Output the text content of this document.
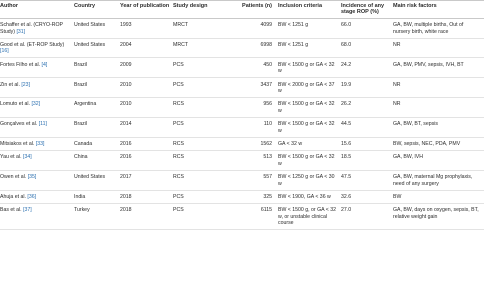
Author	Country	Year of publication	Study design	Patients (n)	Inclusion criteria	Incidence of any stage ROP (%)	Main risk factors
Schaffer et al. (CRYO-ROP Study) [31]	United States	1993	MRCT	4099	BW < 1251 g	66.0	GA, BW, multiple births, Out of nursery birth, white race
Good et al. (ET-ROP Study) [16]	United States	2004	MRCT	6998	BW < 1251 g	68.0	NR
Fortes Filho et al. [4]	Brazil	2009	PCS	450	BW < 1500 g or GA < 32 w	24.2	GA, BW, PMV, sepsis, IVH, BT
Zin et al. [23]	Brazil	2010	PCS	3437	BW < 2000 g or GA < 37 w	19.9	NR
Lomuto et al. [32]	Argentina	2010	RCS	956	BW < 1500 g or GA < 32 w	26.2	NR
Gonçalves et al. [11]	Brazil	2014	PCS	110	BW < 1500 g or GA < 32 w	44.5	GA, BW, BT, sepsis
Mitsiakos et al. [33]	Canada	2016	RCS	1562	GA < 32 w	15.6	BW, sepsis, NEC, PDA, PMV
Yau et al. [34]	China	2016	RCS	513	BW < 1500 g or GA < 32 w	18.5	GA, BW, IVH
Owen et al. [35]	United States	2017	RCS	557	BW < 1250 g or GA < 30 w	47.5	GA, BW, maternal Mg prophylaxis, need of any surgery
Ahuja et al. [36]	India	2018	PCS	325	BW < 1900, GA < 36 w	32.6	BW
Bas et al. [37]	Turkey	2018	PCS	6115	BW < 1500 g, or GA < 32 w, or unstable clinical course	27.0	GA, BW, days on oxygen, sepsis, BT, relative weight gain
